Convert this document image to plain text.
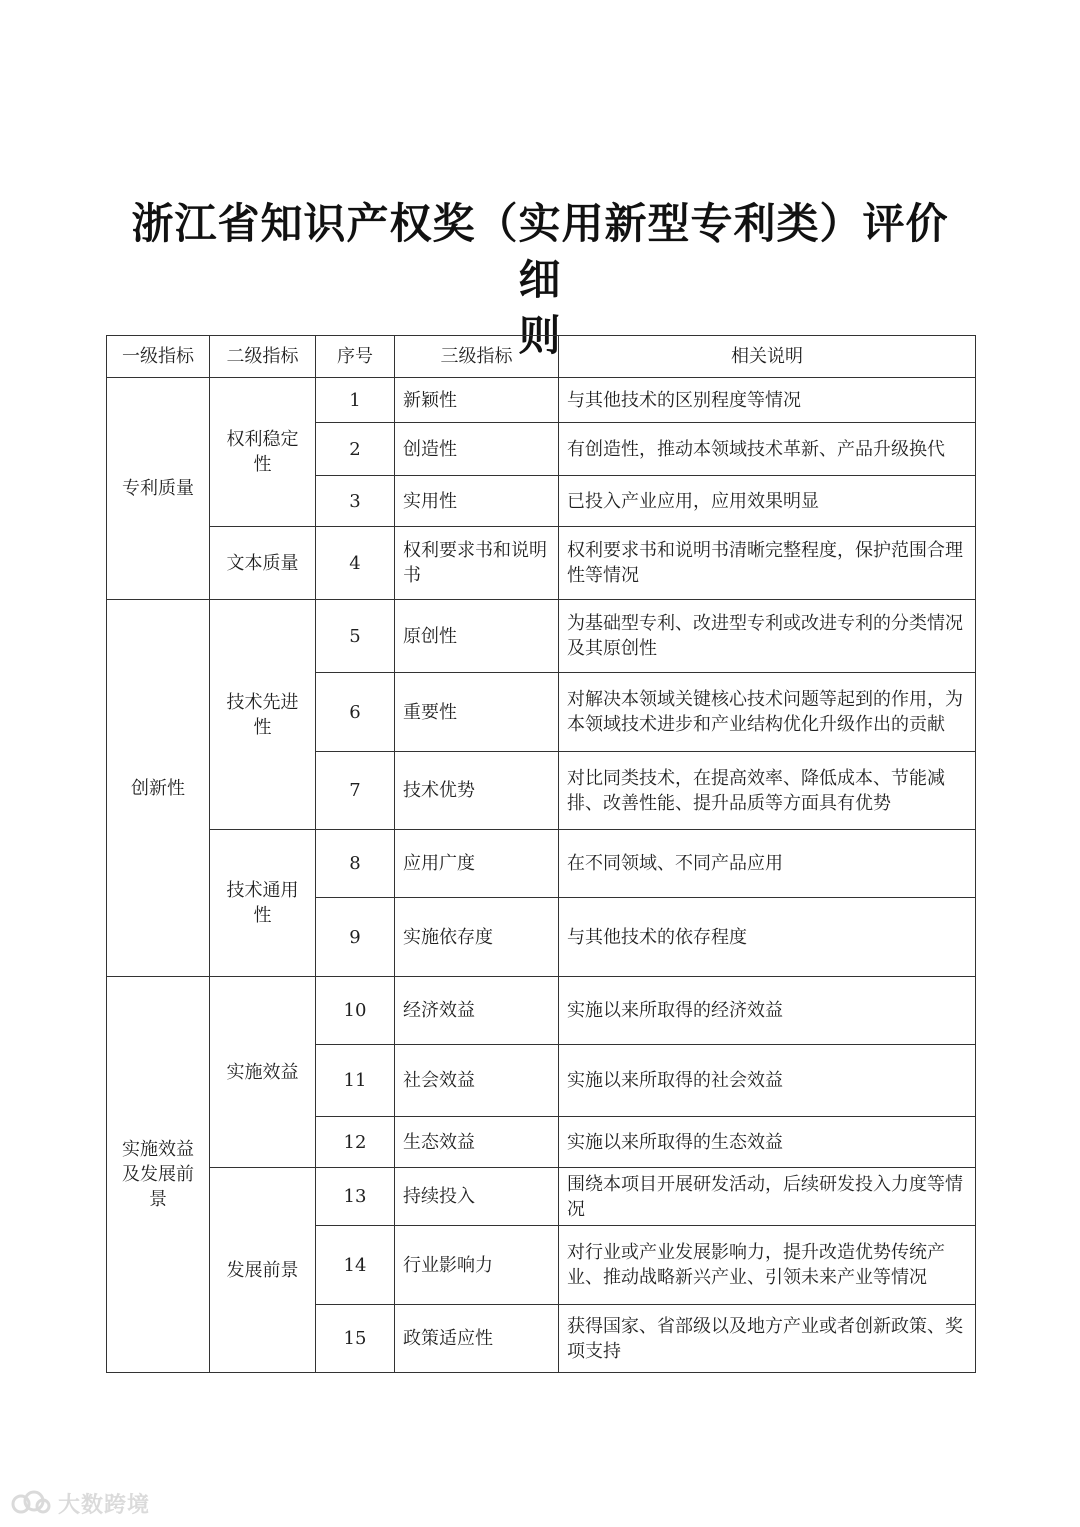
浙江省知识产权奖（实用新型专利类）评价细
则
一级指标	二级指标	序号	三级指标	相关说明
专利质量	权利稳定性	1	新颖性	与其他技术的区别程度等情况
		2	创造性	有创造性，推动本领域技术革新、产品升级换代
		3	实用性	已投入产业应用，应用效果明显
	文本质量	4	权利要求书和说明书	权利要求书和说明书清晰完整程度，保护范围合理性等情况
创新性	技术先进性	5	原创性	为基础型专利、改进型专利或改进专利的分类情况及其原创性
		6	重要性	对解决本领域关键核心技术问题等起到的作用，为本领域技术进步和产业结构优化升级作出的贡献
		7	技术优势	对比同类技术，在提高效率、降低成本、节能减排、改善性能、提升品质等方面具有优势
	技术通用性	8	应用广度	在不同领域、不同产品应用
		9	实施依存度	与其他技术的依存程度
实施效益及发展前景	实施效益	10	经济效益	实施以来所取得的经济效益
		11	社会效益	实施以来所取得的社会效益
		12	生态效益	实施以来所取得的生态效益
	发展前景	13	持续投入	围绕本项目开展研发活动，后续研发投入力度等情况
		14	行业影响力	对行业或产业发展影响力，提升改造优势传统产业、推动战略新兴产业、引领未来产业等情况
		15	政策适应性	获得国家、省部级以及地方产业或者创新政策、奖项支持
大数跨境
